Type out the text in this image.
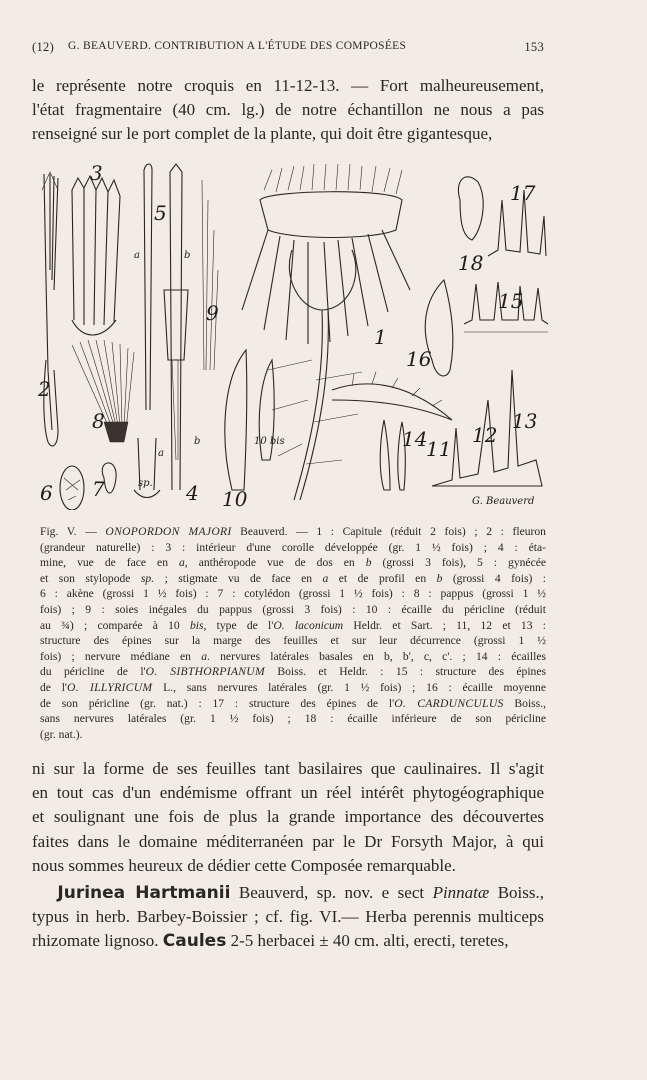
(12) G. BEAUVERD. CONTRIBUTION A L'ÉTUDE DES COMPOSÉES	153

le représente notre croquis en 11-12-13. — Fort malheureusement,

l'état fragmentaire (40 cm. lg.) de notre échantillon ne nous a pas

renseigné sur le port complet de la plante, qui doit être gigantesque,

3
2
5
8
6 7	4
9
10
1
16
15
17
18
14
11
12
13
a	b
a
b
sp.
10 bis
G. Beauverd

Fig. V. — ONOPORDON MAJORI Beauverd. — 1 : Capitule (réduit 2 fois) ; 2 : fleuron

(grandeur naturelle) : 3 : intérieur d'une corolle développée (gr. 1 ½ fois) ; 4 : éta-

mine, vue de face en a, anthéropode vue de dos en b (grossi 3 fois), 5 : gynécée

et son stylopode sp. ; stigmate vu de face en a et de profil en b (grossi 4 fois) :

6 : akène (grossi 1 ½ fois) : 7 : cotylédon (grossi 1 ½ fois) : 8 : pappus (grossi 1 ½

fois) ; 9 : soies inégales du pappus (grossi 3 fois) : 10 : écaille du péricline (réduit

au ¾) ; comparée à 10 bis, type de l'O. laconicum Heldr. et Sart. ; 11, 12 et 13 :

structure des épines sur la marge des feuilles et sur leur décurrence (grossi 1 ½

fois) ; nervure médiane en a. nervures latérales basales en b, b', c, c'. ; 14 : écailles

du péricline de l'O. SIBTHORPIANUM Boiss. et Heldr. : 15 : structure des épines

de l'O. ILLYRICUM L., sans nervures latérales (gr. 1 ½ fois) ; 16 : écaille moyenne

de son péricline (gr. nat.) : 17 : structure des épines de l'O. CARDUNCULUS Boiss.,

sans nervures latérales (gr. 1 ½ fois) ; 18 : écaille inférieure de son péricline

(gr. nat.).

ni sur la forme de ses feuilles tant basilaires que caulinaires. Il s'agit

en tout cas d'un endémisme offrant un réel intérêt phytogéographique

et soulignant une fois de plus la grande importance des découvertes

faites dans le domaine méditerranéen par le Dr Forsyth Major, à qui

nous sommes heureux de dédier cette Composée remarquable.

Jurinea Hartmanii Beauverd, sp. nov. e sect Pinnatæ Boiss.,

typus in herb. Barbey-Boissier ; cf. fig. VI.— Herba perennis multiceps

rhizomate lignoso. Caules 2-5 herbacei ± 40 cm. alti, erecti, teretes,
